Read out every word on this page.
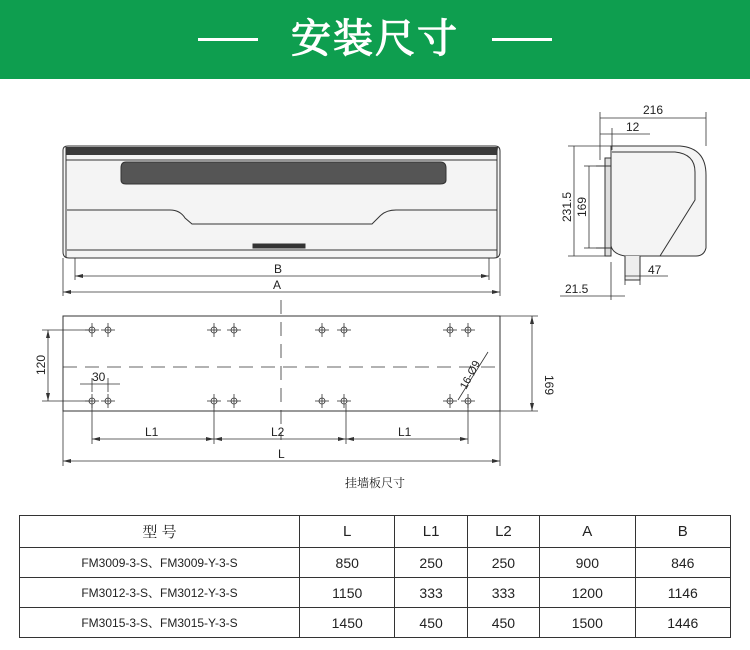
安装尺寸
B
A
216
12
231.5 169
47
21.5
120
169
30	16-Ø9
L1	L2	L1
L
挂墙板尺寸
型 号	L	L1	L2	A	B
FM3009-3-S、FM3009-Y-3-S	850	250	250	900	846
FM3012-3-S、FM3012-Y-3-S	1150	333	333	1200	1146
FM3015-3-S、FM3015-Y-3-S	1450	450	450	1500	1446
